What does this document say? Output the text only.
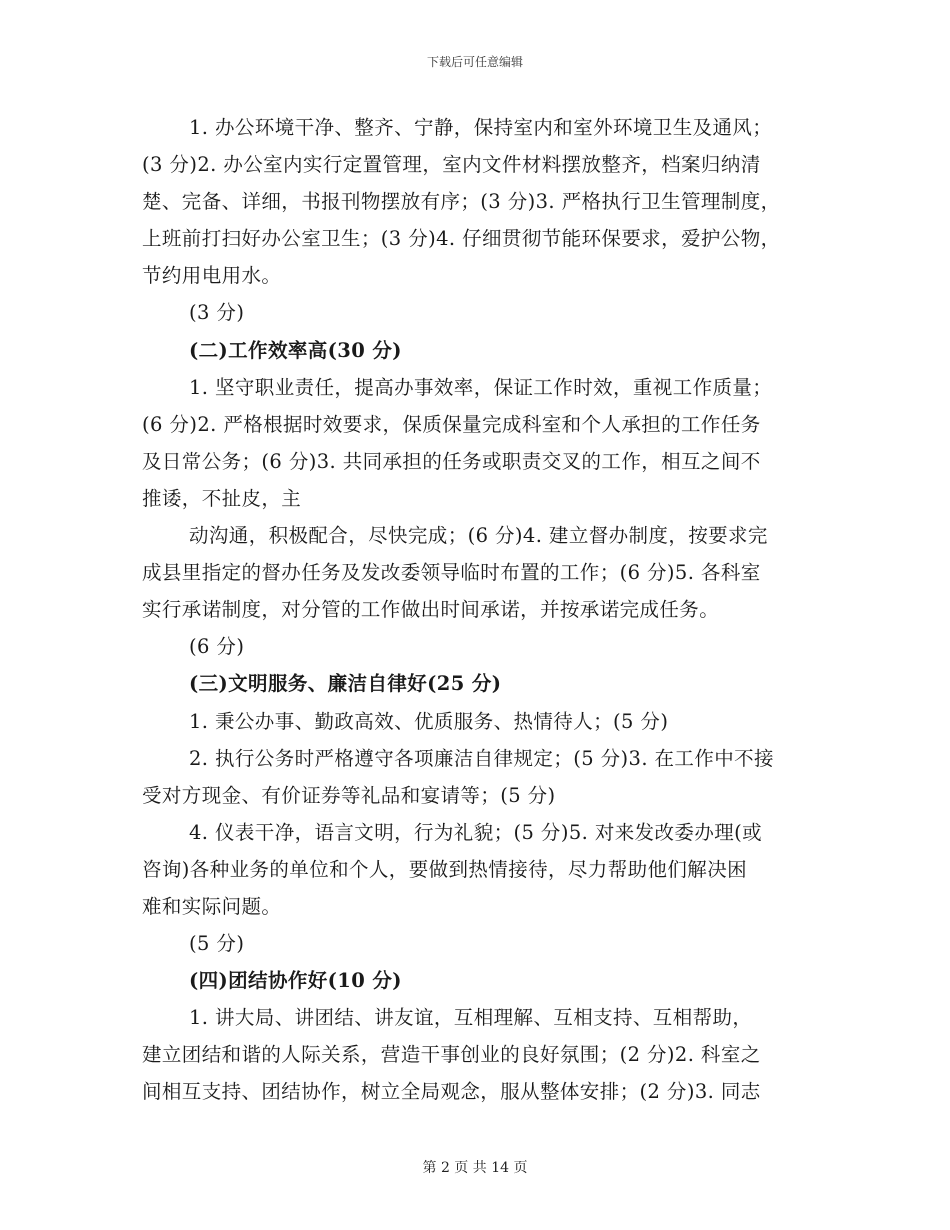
下载后可任意编辑
1. 办公环境干净、整齐、宁静，保持室内和室外环境卫生及通风；
(3 分)2. 办公室内实行定置管理，室内文件材料摆放整齐，档案归纳清
楚、完备、详细，书报刊物摆放有序；(3 分)3. 严格执行卫生管理制度，
上班前打扫好办公室卫生；(3 分)4. 仔细贯彻节能环保要求，爱护公物，
节约用电用水。
(3 分)
(二)工作效率高(30 分)
1. 坚守职业责任，提高办事效率，保证工作时效，重视工作质量；
(6 分)2. 严格根据时效要求，保质保量完成科室和个人承担的工作任务
及日常公务；(6 分)3. 共同承担的任务或职责交叉的工作，相互之间不
推诿，不扯皮，主
动沟通，积极配合，尽快完成；(6 分)4. 建立督办制度，按要求完
成县里指定的督办任务及发改委领导临时布置的工作；(6 分)5. 各科室
实行承诺制度，对分管的工作做出时间承诺，并按承诺完成任务。
(6 分)
(三)文明服务、廉洁自律好(25 分)
1. 秉公办事、勤政高效、优质服务、热情待人；(5 分)
2. 执行公务时严格遵守各项廉洁自律规定；(5 分)3. 在工作中不接
受对方现金、有价证券等礼品和宴请等；(5 分)
4. 仪表干净，语言文明，行为礼貌；(5 分)5. 对来发改委办理(或
咨询)各种业务的单位和个人，要做到热情接待，尽力帮助他们解决困
难和实际问题。
(5 分)
(四)团结协作好(10 分)
1. 讲大局、讲团结、讲友谊，互相理解、互相支持、互相帮助，
建立团结和谐的人际关系，营造干事创业的良好氛围；(2 分)2. 科室之
间相互支持、团结协作，树立全局观念，服从整体安排；(2 分)3. 同志
第 2 页 共 14 页
